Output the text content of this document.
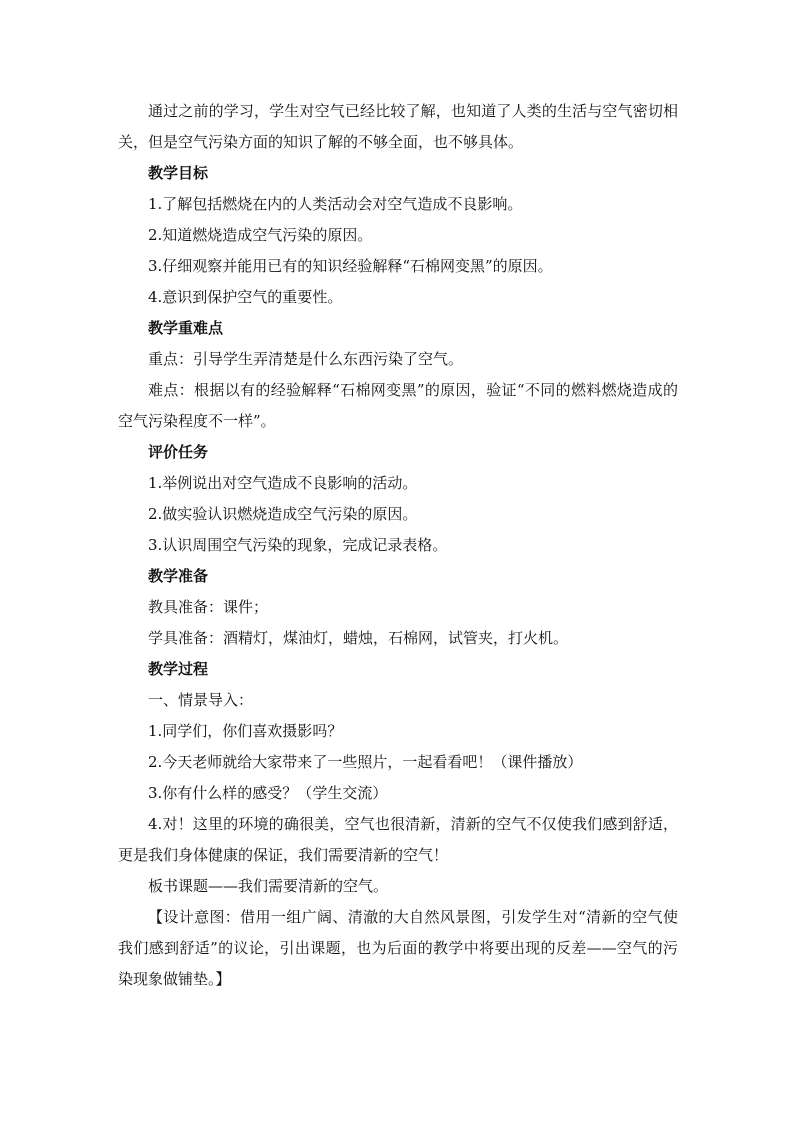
通过之前的学习，学生对空气已经比较了解，也知道了人类的生活与空气密切相关，但是空气污染方面的知识了解的不够全面，也不够具体。

教学目标

1.了解包括燃烧在内的人类活动会对空气造成不良影响。

2.知道燃烧造成空气污染的原因。

3.仔细观察并能用已有的知识经验解释“石棉网变黑”的原因。

4.意识到保护空气的重要性。

教学重难点

重点：引导学生弄清楚是什么东西污染了空气。

难点：根据以有的经验解释“石棉网变黑”的原因，验证“不同的燃料燃烧造成的空气污染程度不一样”。

评价任务

1.举例说出对空气造成不良影响的活动。

2.做实验认识燃烧造成空气污染的原因。

3.认识周围空气污染的现象，完成记录表格。

教学准备

教具准备：课件；

学具准备：酒精灯，煤油灯，蜡烛，石棉网，试管夹，打火机。

教学过程

一、情景导入：

1.同学们，你们喜欢摄影吗？

2.今天老师就给大家带来了一些照片，一起看看吧！（课件播放）

3.你有什么样的感受？（学生交流）

4.对！这里的环境的确很美，空气也很清新，清新的空气不仅使我们感到舒适，更是我们身体健康的保证，我们需要清新的空气！

板书课题——我们需要清新的空气。

【设计意图：借用一组广阔、清澈的大自然风景图，引发学生对“清新的空气使我们感到舒适”的议论，引出课题，也为后面的教学中将要出现的反差——空气的污染现象做铺垫。】
